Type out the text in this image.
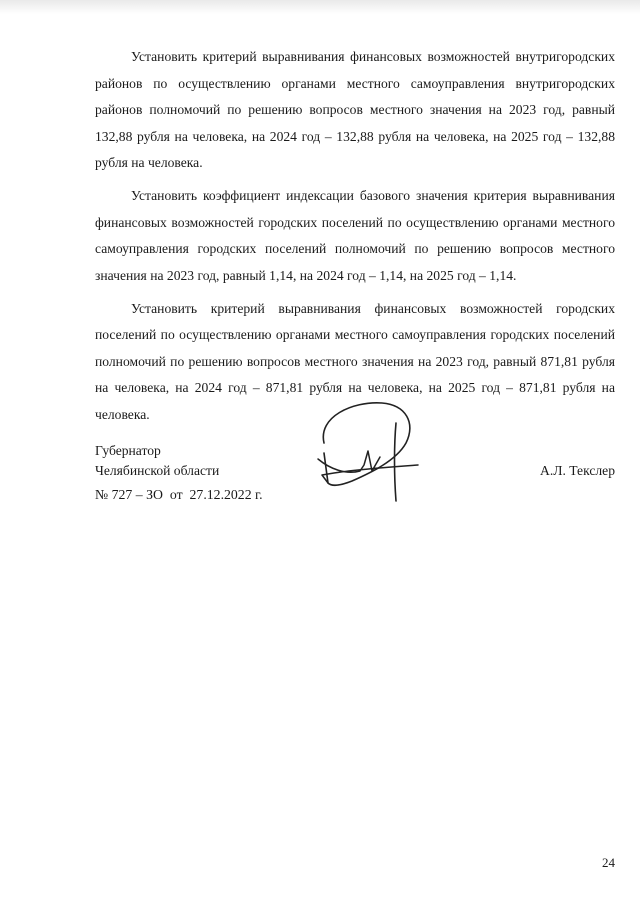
Установить критерий выравнивания финансовых возможностей внутригородских районов по осуществлению органами местного самоуправления внутригородских районов полномочий по решению вопросов местного значения на 2023 год, равный 132,88 рубля на человека, на 2024 год – 132,88 рубля на человека, на 2025 год – 132,88 рубля на человека.

Установить коэффициент индексации базового значения критерия выравнивания финансовых возможностей городских поселений по осуществлению органами местного самоуправления городских поселений полномочий по решению вопросов местного значения на 2023 год, равный 1,14, на 2024 год – 1,14, на 2025 год – 1,14.

Установить критерий выравнивания финансовых возможностей городских поселений по осуществлению органами местного самоуправления городских поселений полномочий по решению вопросов местного значения на 2023 год, равный 871,81 рубля на человека, на 2024 год – 871,81 рубля на человека, на 2025 год – 871,81 рубля на человека.

Губернатор
Челябинской области	А.Л. Текслер
№ 727 – ЗО  от  27.12.2022 г.
24
